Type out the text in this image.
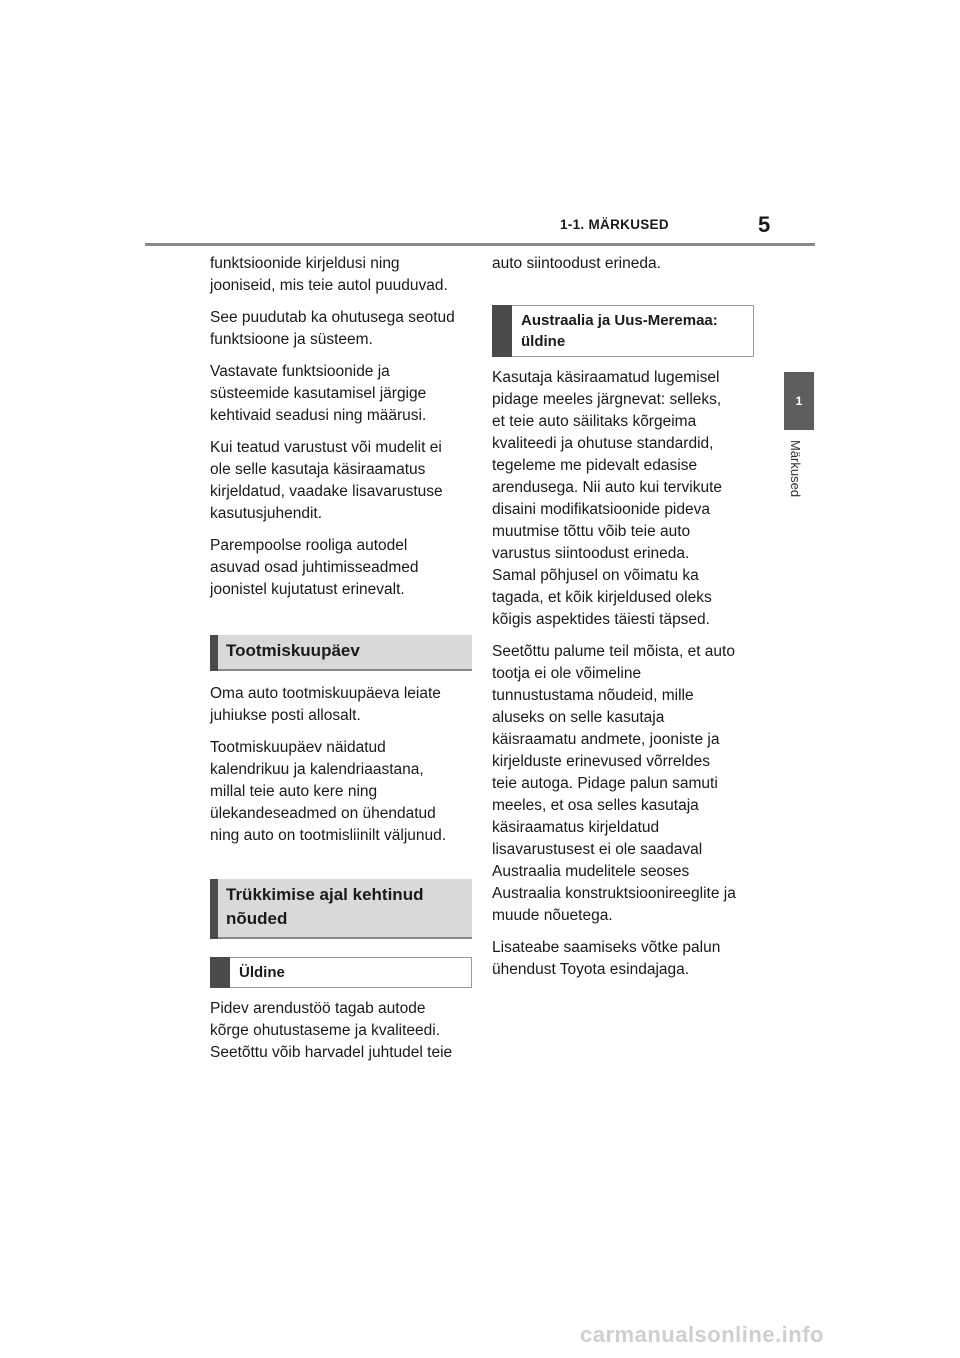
1-1. MÄRKUSED	5
1
Märkused

funktsioonide kirjeldusi ning
jooniseid, mis teie autol puuduvad.

See puudutab ka ohutusega seotud
funktsioone ja süsteem.

Vastavate funktsioonide ja
süsteemide kasutamisel järgige
kehtivaid seadusi ning määrusi.

Kui teatud varustust või mudelit ei
ole selle kasutaja käsiraamatus
kirjeldatud, vaadake lisavarustuse
kasutusjuhendit.

Parempoolse rooliga autodel
asuvad osad juhtimisseadmed
joonistel kujutatust erinevalt.

Tootmiskuupäev

Oma auto tootmiskuupäeva leiate
juhiukse posti allosalt.

Tootmiskuupäev näidatud
kalendrikuu ja kalendriaastana,
millal teie auto kere ning
ülekandeseadmed on ühendatud
ning auto on tootmisliinilt väljunud.

Trükkimise ajal kehtinud
nõuded
Üldine

Pidev arendustöö tagab autode
kõrge ohutustaseme ja kvaliteedi.
Seetõttu võib harvadel juhtudel teie

auto siintoodust erineda.

Austraalia ja Uus-Meremaa:
üldine

Kasutaja käsiraamatud lugemisel
pidage meeles järgnevat: selleks,
et teie auto säilitaks kõrgeima
kvaliteedi ja ohutuse standardid,
tegeleme me pidevalt edasise
arendusega. Nii auto kui tervikute
disaini modifikatsioonide pideva
muutmise tõttu võib teie auto
varustus siintoodust erineda.
Samal põhjusel on võimatu ka
tagada, et kõik kirjeldused oleks
kõigis aspektides täiesti täpsed.

Seetõttu palume teil mõista, et auto
tootja ei ole võimeline
tunnustustama nõudeid, mille
aluseks on selle kasutaja
käisraamatu andmete, jooniste ja
kirjelduste erinevused võrreldes
teie autoga. Pidage palun samuti
meeles, et osa selles kasutaja
käsiraamatus kirjeldatud
lisavarustusest ei ole saadaval
Austraalia mudelitele seoses
Austraalia konstruktsioonireeglite ja
muude nõuetega.

Lisateabe saamiseks võtke palun
ühendust Toyota esindajaga.

carmanualsonline.info
